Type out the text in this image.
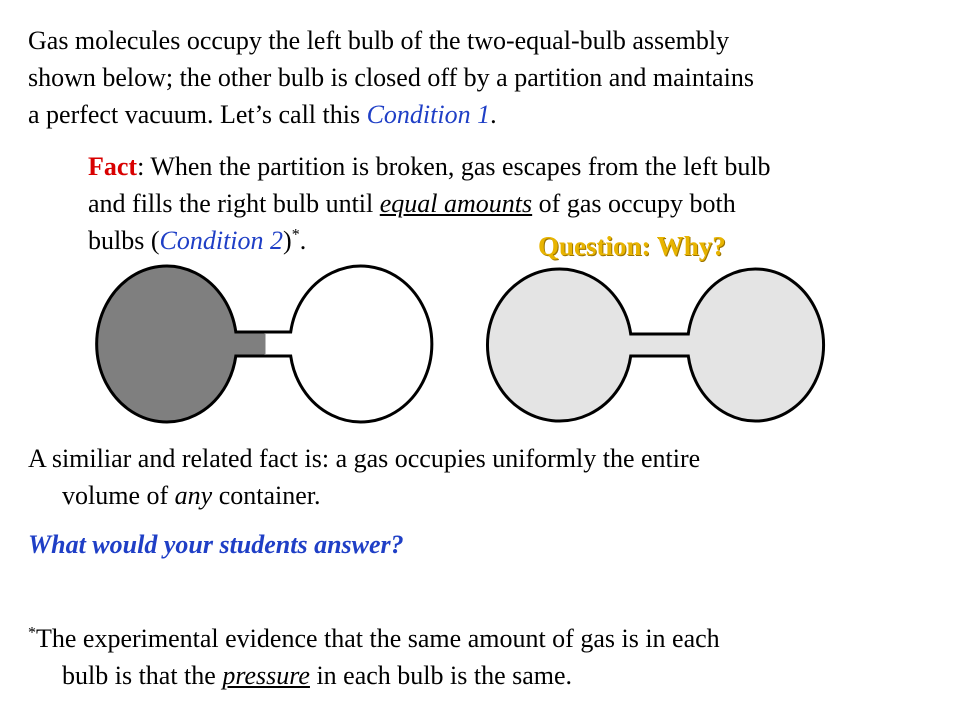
Gas molecules occupy the left bulb of the two-equal-bulb assembly
shown below; the other bulb is closed off by a partition and maintains
a perfect vacuum. Let’s call this Condition 1.

Fact: When the partition is broken, gas escapes from the left bulb
and fills the right bulb until equal amounts of gas occupy both
bulbs (Condition 2)*.	Question: Why?

A similiar and related fact is: a gas occupies uniformly the entire
volume of any container.

What would your students answer?

*The experimental evidence that the same amount of gas is in each
bulb is that the pressure in each bulb is the same.
